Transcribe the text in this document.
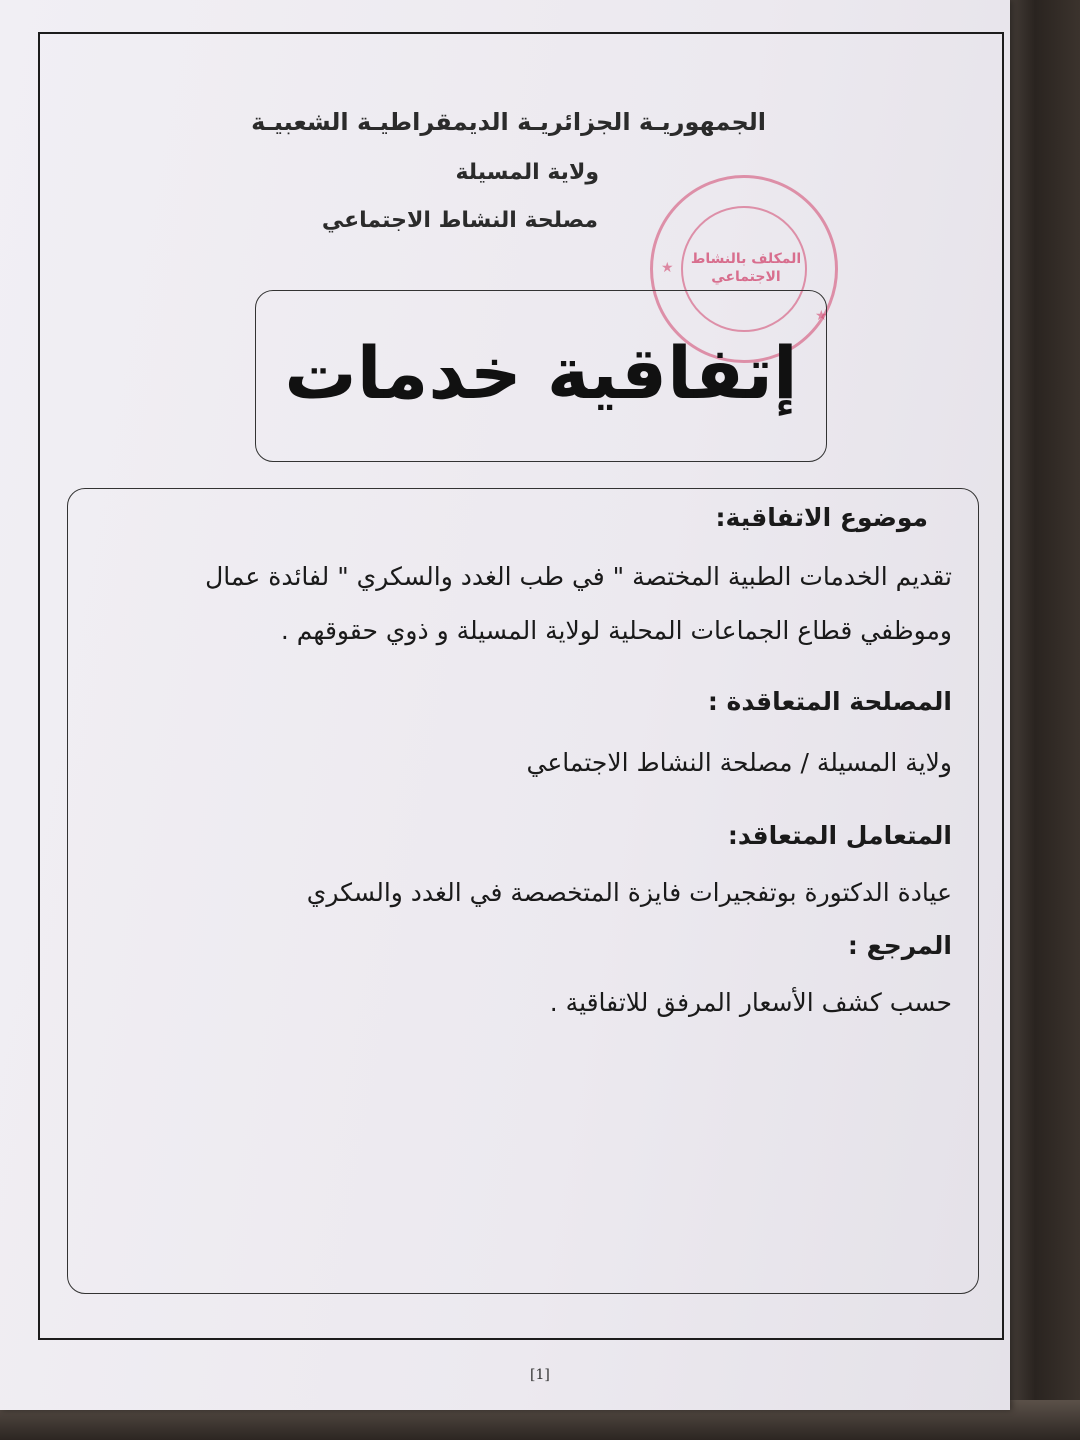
الجمهوريـة الجزائريـة الديمقراطيـة الشعبيـة
ولاية المسيلة
مصلحة النشاط الاجتماعي
★
★
المكلف بالنشاط
الاجتماعي
إتفاقية خدمات
موضوع الاتفاقية:
تقديم الخدمات الطبية المختصة " في طب الغدد والسكري " لفائدة عمال
وموظفي قطاع الجماعات المحلية لولاية المسيلة و ذوي حقوقهم .
المصلحة المتعاقدة :
ولاية المسيلة / مصلحة النشاط الاجتماعي
المتعامل المتعاقد:
عيادة الدكتورة بوتفجيرات فايزة المتخصصة في الغدد والسكري
المرجع :
حسب كشف الأسعار المرفق للاتفاقية .
[1]
